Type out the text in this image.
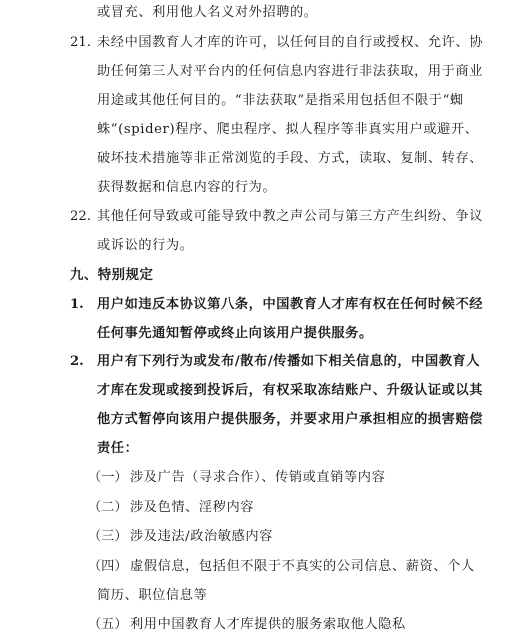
或冒充、利用他人名义对外招聘的。
21. 未经中国教育人才库的许可，以任何目的自行或授权、允许、协
助任何第三人对平台内的任何信息内容进行非法获取，用于商业
用途或其他任何目的。“非法获取”是指采用包括但不限于“蜘
蛛”(spider)程序、爬虫程序、拟人程序等非真实用户或避开、
破坏技术措施等非正常浏览的手段、方式，读取、复制、转存、
获得数据和信息内容的行为。
22. 其他任何导致或可能导致中教之声公司与第三方产生纠纷、争议
或诉讼的行为。
九、特别规定
1. 用户如违反本协议第八条，中国教育人才库有权在任何时候不经
任何事先通知暂停或终止向该用户提供服务。
2. 用户有下列行为或发布/散布/传播如下相关信息的，中国教育人
才库在发现或接到投诉后，有权采取冻结账户、升级认证或以其
他方式暂停向该用户提供服务，并要求用户承担相应的损害赔偿
责任：
（一） 涉及广告（寻求合作）、传销或直销等内容
（二） 涉及色情、淫秽内容
（三） 涉及违法/政治敏感内容
（四） 虚假信息，包括但不限于不真实的公司信息、薪资、个人
简历、职位信息等
（五） 利用中国教育人才库提供的服务索取他人隐私
